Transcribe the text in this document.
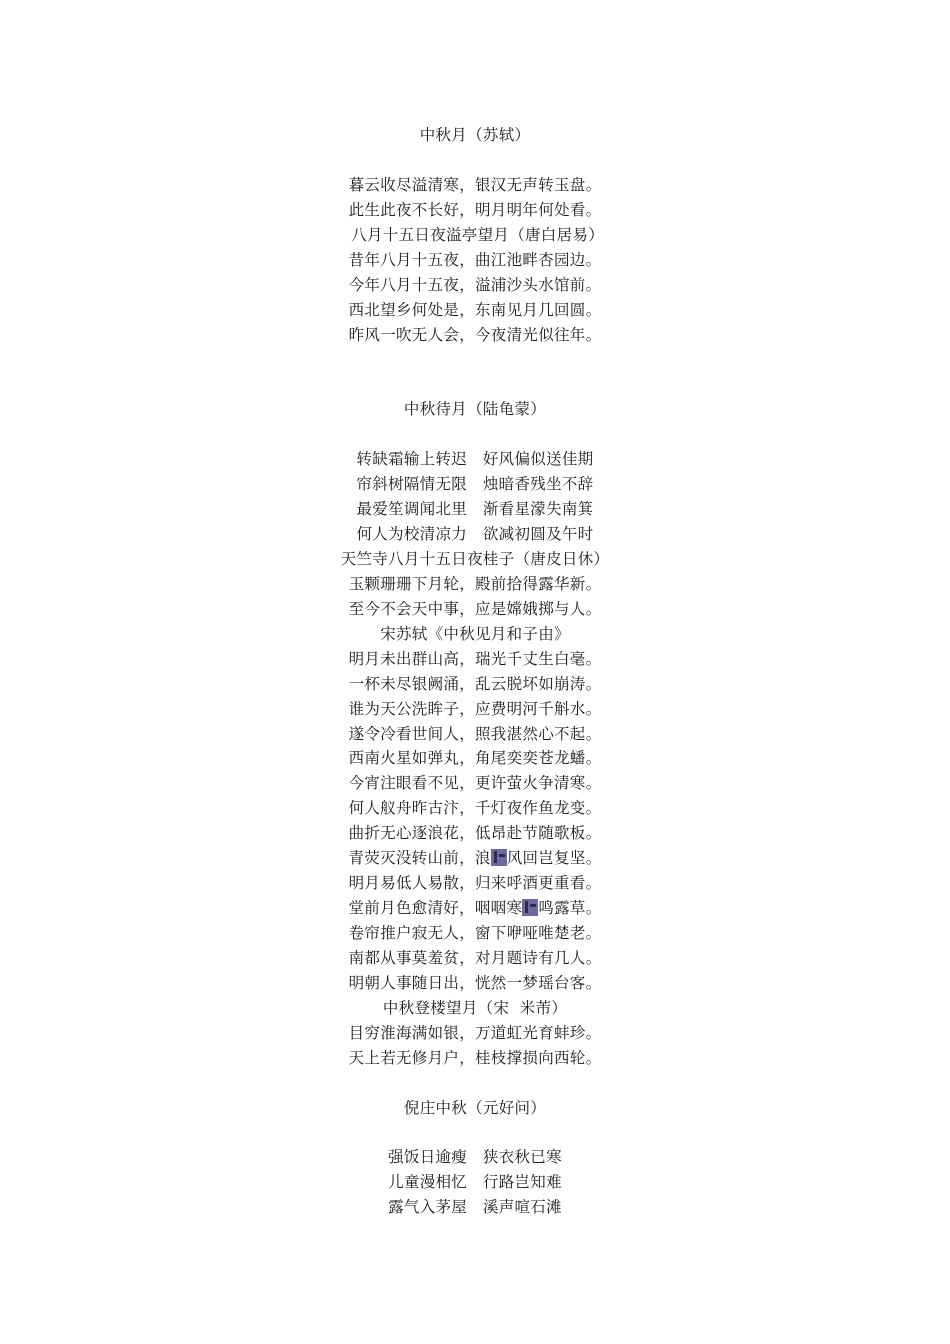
中秋月（苏轼）
暮云收尽溢清寒，银汉无声转玉盘。
此生此夜不长好，明月明年何处看。
八月十五日夜溢亭望月（唐白居易）
昔年八月十五夜，曲江池畔杏园边。
今年八月十五夜，溢浦沙头水馆前。
西北望乡何处是，东南见月几回圆。
昨风一吹无人会，今夜清光似往年。
中秋待月（陆龟蒙）
转缺霜输上转迟　好风偏似送佳期
帘斜树隔情无限　烛暗香残坐不辞
最爱笙调闻北里　渐看星濛失南箕
何人为校清凉力　欲减初圆及午时
天竺寺八月十五日夜桂子（唐皮日休）
玉颗珊珊下月轮，殿前拾得露华新。
至今不会天中事，应是嫦娥掷与人。
宋苏轼《中秋见月和子由》
明月未出群山高，瑞光千丈生白毫。
一杯未尽银阙涌，乱云脱坏如崩涛。
谁为天公洗眸子，应费明河千斛水。
遂令冷看世间人，照我湛然心不起。
西南火星如弹丸，角尾奕奕苍龙蟠。
今宵注眼看不见，更许萤火争清寒。
何人舣舟昨古汴，千灯夜作鱼龙变。
曲折无心逐浪花，低昂赴节随歌板。
青荧灭没转山前，浪 风回岂复坚。
明月易低人易散，归来呼酒更重看。
堂前月色愈清好，咽咽寒 鸣露草。
卷帘推户寂无人，窗下咿哑唯楚老。
南都从事莫羞贫，对月题诗有几人。
明朝人事随日出，恍然一梦瑶台客。
中秋登楼望月（宋  米芾）
目穷淮海满如银，万道虹光育蚌珍。
天上若无修月户，桂枝撑损向西轮。
倪庄中秋（元好问）
强饭日逾瘦　狭衣秋已寒
儿童漫相忆　行路岂知难
露气入茅屋　溪声喧石滩
